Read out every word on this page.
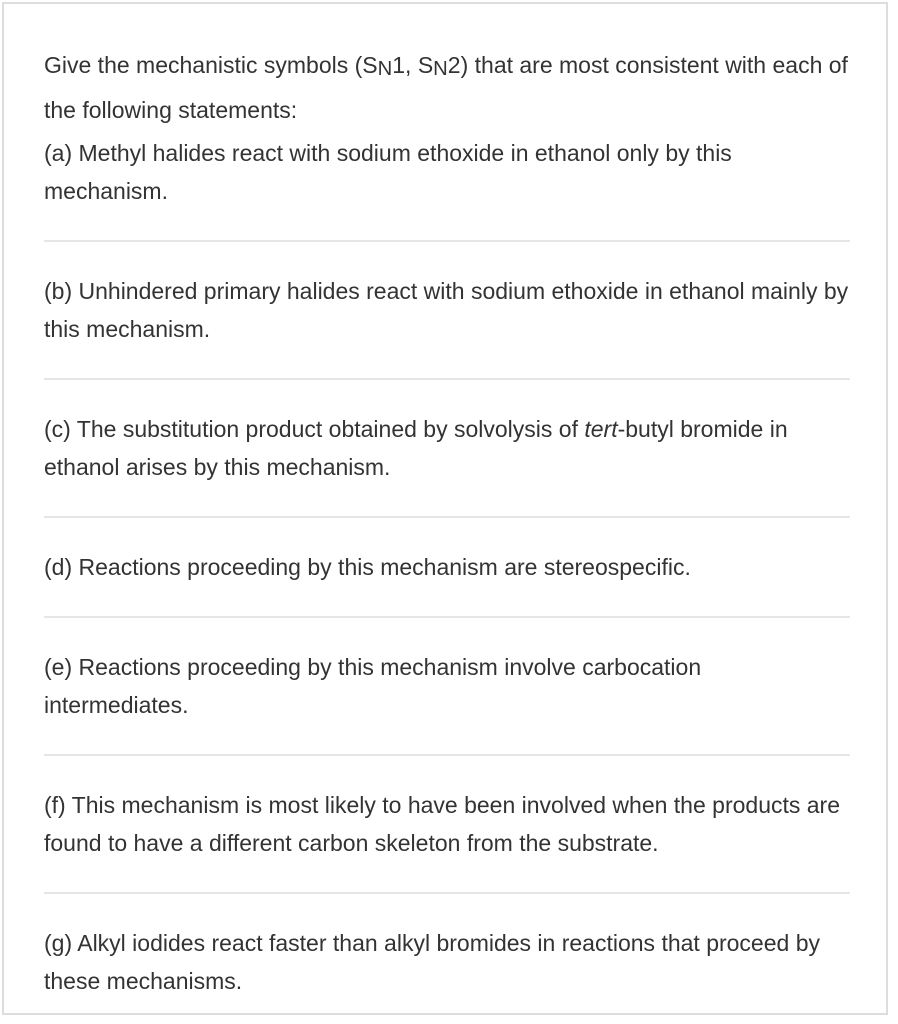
Give the mechanistic symbols (SN1, SN2) that are most consistent with each of the following statements:

(a) Methyl halides react with sodium ethoxide in ethanol only by this mechanism.

(b) Unhindered primary halides react with sodium ethoxide in ethanol mainly by this mechanism.

(c) The substitution product obtained by solvolysis of tert-butyl bromide in ethanol arises by this mechanism.

(d) Reactions proceeding by this mechanism are stereospecific.

(e) Reactions proceeding by this mechanism involve carbocation intermediates.

(f) This mechanism is most likely to have been involved when the products are found to have a different carbon skeleton from the substrate.

(g) Alkyl iodides react faster than alkyl bromides in reactions that proceed by these mechanisms.
